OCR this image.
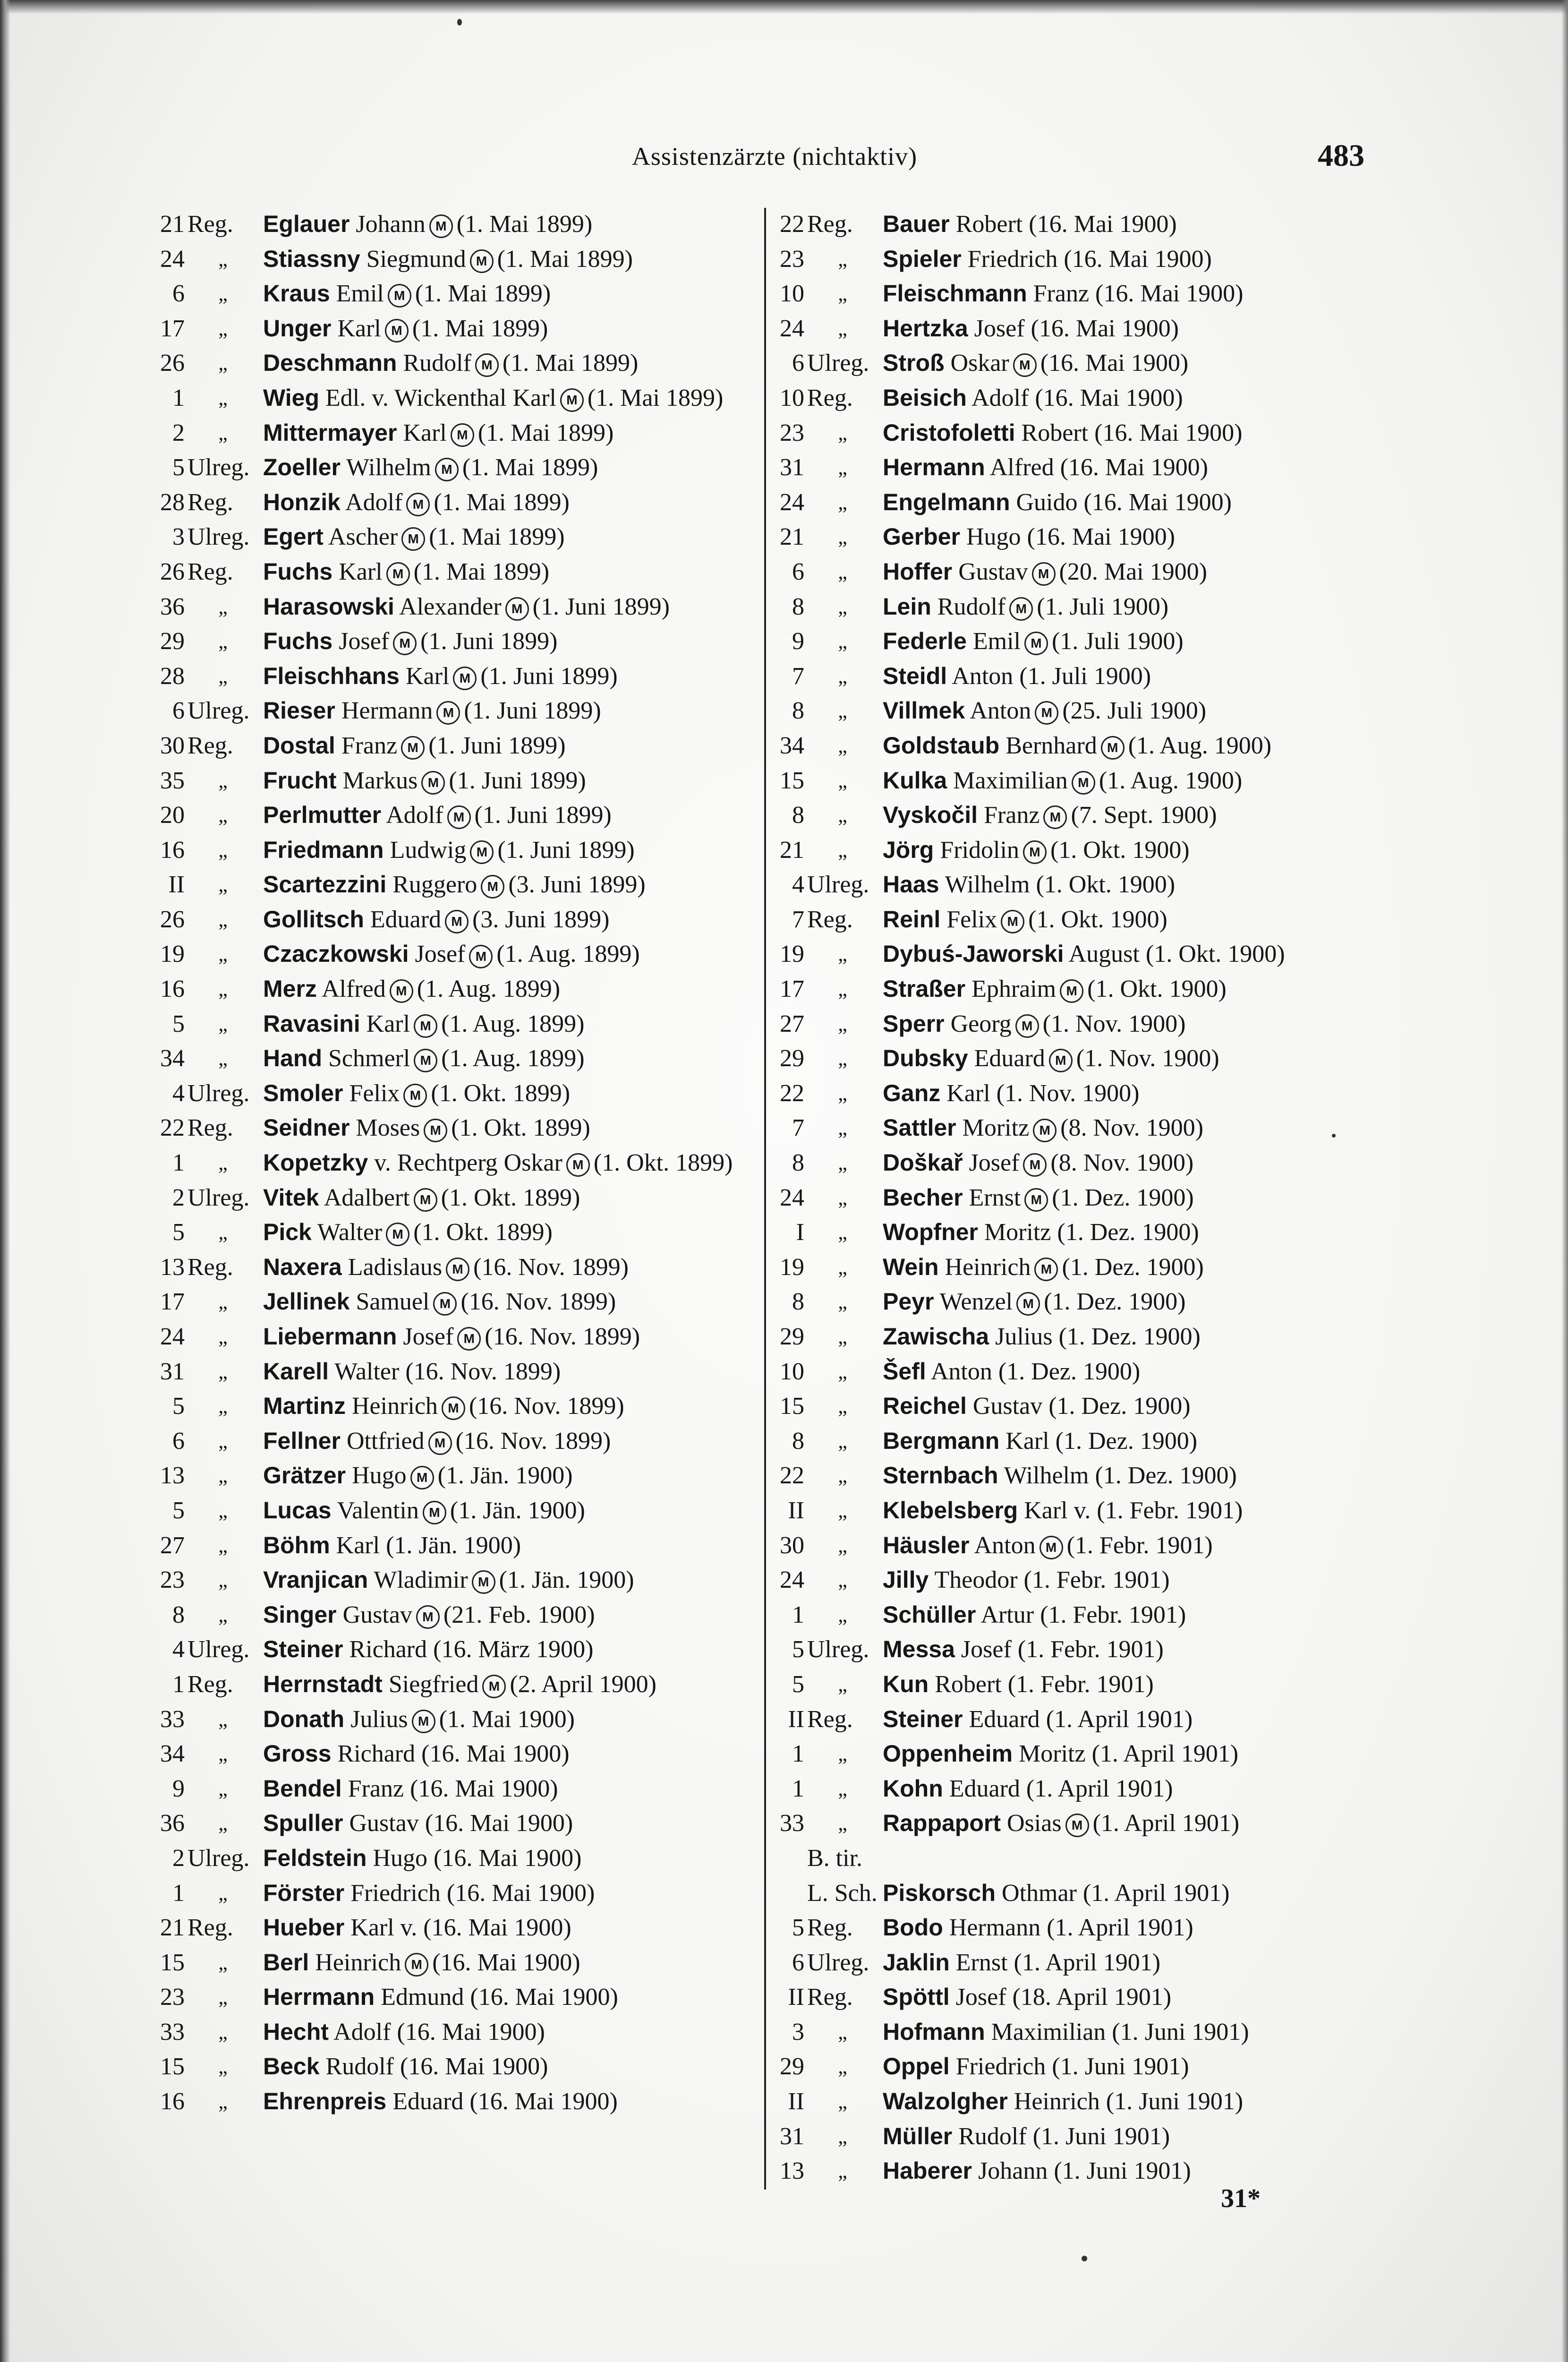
Assistenzärzte (nichtaktiv)	483
21 Reg.	Eglauer Johann M (1. Mai 1899)
24	„	Stiassny Siegmund M (1. Mai 1899)
6	„	Kraus Emil M (1. Mai 1899)
17	„	Unger Karl M (1. Mai 1899)
26	„	Deschmann Rudolf M (1. Mai 1899)
1	„	Wieg Edl. v. Wickenthal Karl M (1. Mai 1899)
2	„	Mittermayer Karl M (1. Mai 1899)
5 Ulreg. Zoeller Wilhelm M (1. Mai 1899)
28 Reg.	Honzik Adolf M (1. Mai 1899)
3 Ulreg. Egert Ascher M (1. Mai 1899)
26 Reg.	Fuchs Karl M (1. Mai 1899)
36	„	Harasowski Alexander M (1. Juni 1899)
29	„	Fuchs Josef M (1. Juni 1899)
28	„	Fleischhans Karl M (1. Juni 1899)
6 Ulreg. Rieser Hermann M (1. Juni 1899)
30 Reg.	Dostal Franz M (1. Juni 1899)
35	„	Frucht Markus M (1. Juni 1899)
20	„	Perlmutter Adolf M (1. Juni 1899)
16	„	Friedmann Ludwig M (1. Juni 1899)
II	„	Scartezzini Ruggero M (3. Juni 1899)
26	„	Gollitsch Eduard M (3. Juni 1899)
19	„	Czaczkowski Josef M (1. Aug. 1899)
16	„	Merz Alfred M (1. Aug. 1899)
5	„	Ravasini Karl M (1. Aug. 1899)
34	„	Hand Schmerl M (1. Aug. 1899)
4 Ulreg. Smoler Felix M (1. Okt. 1899)
22 Reg.	Seidner Moses M (1. Okt. 1899)
1	„	Kopetzky v. Rechtperg Oskar M (1. Okt. 1899)
2 Ulreg. Vitek Adalbert M (1. Okt. 1899)
5	„	Pick Walter M (1. Okt. 1899)
13 Reg.	Naxera Ladislaus M (16. Nov. 1899)
17	„	Jellinek Samuel M (16. Nov. 1899)
24	„	Liebermann Josef M (16. Nov. 1899)
31	„	Karell Walter (16. Nov. 1899)
5	„	Martinz Heinrich M (16. Nov. 1899)
6	„	Fellner Ottfried M (16. Nov. 1899)
13	„	Grätzer Hugo M (1. Jän. 1900)
5	„	Lucas Valentin M (1. Jän. 1900)
27	„	Böhm Karl (1. Jän. 1900)
23	„	Vranjican Wladimir M (1. Jän. 1900)
8	„	Singer Gustav M (21. Feb. 1900)
4 Ulreg. Steiner Richard (16. März 1900)
1 Reg.	Herrnstadt Siegfried M (2. April 1900)
33	„	Donath Julius M (1. Mai 1900)
34	„	Gross Richard (16. Mai 1900)
9	„	Bendel Franz (16. Mai 1900)
36	„	Spuller Gustav (16. Mai 1900)
2 Ulreg. Feldstein Hugo (16. Mai 1900)
1	„	Förster Friedrich (16. Mai 1900)
21 Reg.	Hueber Karl v. (16. Mai 1900)
15	„	Berl Heinrich M (16. Mai 1900)
23	„	Herrmann Edmund (16. Mai 1900)
33	„	Hecht Adolf (16. Mai 1900)
15	„	Beck Rudolf (16. Mai 1900)
16	„	Ehrenpreis Eduard (16. Mai 1900)
22 Reg.	Bauer Robert (16. Mai 1900)
23	„	Spieler Friedrich (16. Mai 1900)
10	„	Fleischmann Franz (16. Mai 1900)
24	„	Hertzka Josef (16. Mai 1900)
6 Ulreg. Stroß Oskar M (16. Mai 1900)
10 Reg.	Beisich Adolf (16. Mai 1900)
23	„	Cristofoletti Robert (16. Mai 1900)
31	„	Hermann Alfred (16. Mai 1900)
24	„	Engelmann Guido (16. Mai 1900)
21	„	Gerber Hugo (16. Mai 1900)
6	„	Hoffer Gustav M (20. Mai 1900)
8	„	Lein Rudolf M (1. Juli 1900)
9	„	Federle Emil M (1. Juli 1900)
7	„	Steidl Anton (1. Juli 1900)
8	„	Villmek Anton M (25. Juli 1900)
34	„	Goldstaub Bernhard M (1. Aug. 1900)
15	„	Kulka Maximilian M (1. Aug. 1900)
8	„	Vyskočil Franz M (7. Sept. 1900)
21	„	Jörg Fridolin M (1. Okt. 1900)
4 Ulreg. Haas Wilhelm (1. Okt. 1900)
7 Reg.	Reinl Felix M (1. Okt. 1900)
19	„	Dybuś-Jaworski August (1. Okt. 1900)
17	„	Straßer Ephraim M (1. Okt. 1900)
27	„	Sperr Georg M (1. Nov. 1900)
29	„	Dubsky Eduard M (1. Nov. 1900)
22	„	Ganz Karl (1. Nov. 1900)
7	„	Sattler Moritz M (8. Nov. 1900)
8	„	Doškař Josef M (8. Nov. 1900)
24	„	Becher Ernst M (1. Dez. 1900)
I	„	Wopfner Moritz (1. Dez. 1900)
19	„	Wein Heinrich M (1. Dez. 1900)
8	„	Peyr Wenzel M (1. Dez. 1900)
29	„	Zawischa Julius (1. Dez. 1900)
10	„	Šefl Anton (1. Dez. 1900)
15	„	Reichel Gustav (1. Dez. 1900)
8	„	Bergmann Karl (1. Dez. 1900)
22	„	Sternbach Wilhelm (1. Dez. 1900)
II	„	Klebelsberg Karl v. (1. Febr. 1901)
30	„	Häusler Anton M (1. Febr. 1901)
24	„	Jilly Theodor (1. Febr. 1901)
1	„	Schüller Artur (1. Febr. 1901)
5 Ulreg. Messa Josef (1. Febr. 1901)
5	„	Kun Robert (1. Febr. 1901)
II Reg.	Steiner Eduard (1. April 1901)
1	„	Oppenheim Moritz (1. April 1901)
1	„	Kohn Eduard (1. April 1901)
33	„	Rappaport Osias M (1. April 1901)
B. tir.
L. Sch. Piskorsch Othmar (1. April 1901)
5 Reg.	Bodo Hermann (1. April 1901)
6 Ulreg. Jaklin Ernst (1. April 1901)
II Reg.	Spöttl Josef (18. April 1901)
3	„	Hofmann Maximilian (1. Juni 1901)
29	„	Oppel Friedrich (1. Juni 1901)
II	„	Walzolgher Heinrich (1. Juni 1901)
31	„	Müller Rudolf (1. Juni 1901)
13	„	Haberer Johann (1. Juni 1901)
31*
